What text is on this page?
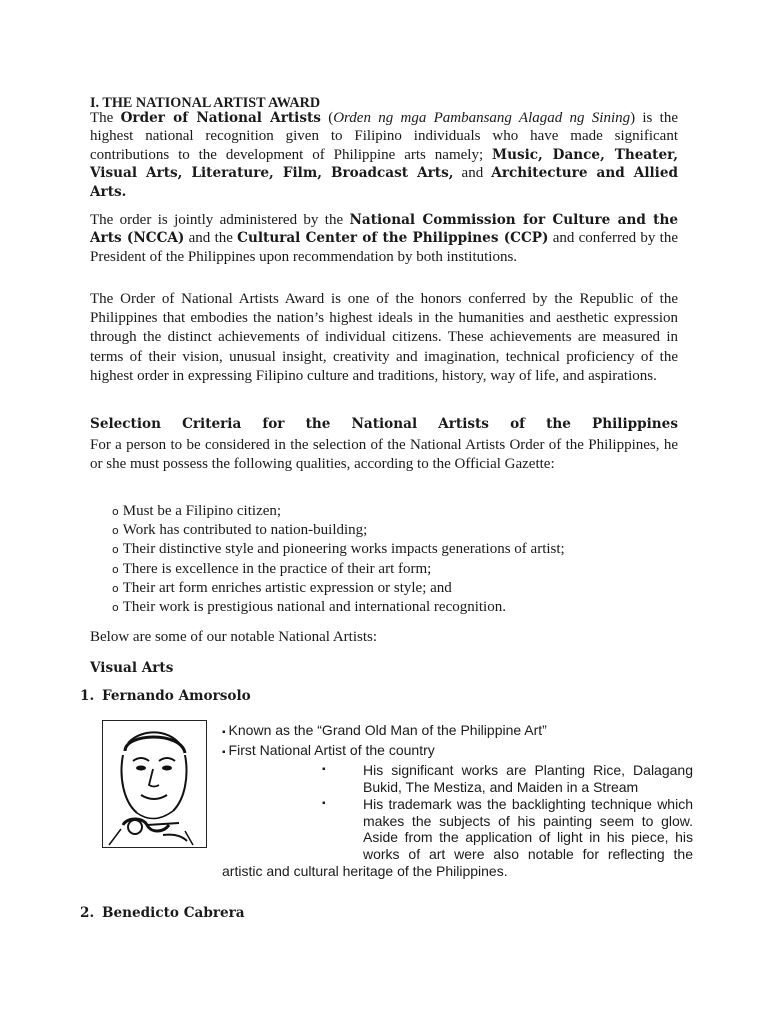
I. THE NATIONAL ARTIST AWARD
The Order of National Artists (Orden ng mga Pambansang Alagad ng Sining) is the highest national recognition given to Filipino individuals who have made significant contributions to the development of Philippine arts namely; Music, Dance, Theater, Visual Arts, Literature, Film, Broadcast Arts, and Architecture and Allied Arts.
The order is jointly administered by the National Commission for Culture and the Arts (NCCA) and the Cultural Center of the Philippines (CCP) and conferred by the President of the Philippines upon recommendation by both institutions.
The Order of National Artists Award is one of the honors conferred by the Republic of the Philippines that embodies the nation’s highest ideals in the humanities and aesthetic expression through the distinct achievements of individual citizens. These achievements are measured in terms of their vision, unusual insight, creativity and imagination, technical proficiency of the highest order in expressing Filipino culture and traditions, history, way of life, and aspirations.
Selection Criteria for the National Artists of the Philippines
For a person to be considered in the selection of the National Artists Order of the Philippines, he or she must possess the following qualities, according to the Official Gazette:
o Must be a Filipino citizen;
o Work has contributed to nation-building;
o Their distinctive style and pioneering works impacts generations of artist;
o There is excellence in the practice of their art form;
o Their art form enriches artistic expression or style; and
o Their work is prestigious national and international recognition.
Below are some of our notable National Artists:
Visual Arts
1. Fernando Amorsolo
▪ Known as the “Grand Old Man of the Philippine Art”
▪ First National Artist of the country
▪	His significant works are Planting Rice, Dalagang Bukid, The Mestiza, and Maiden in a Stream
▪	His trademark was the backlighting technique which makes the subjects of his painting seem to glow. Aside from the application of light in his piece, his works of art were also notable for reflecting the artistic and cultural heritage of the Philippines.
2. Benedicto Cabrera
